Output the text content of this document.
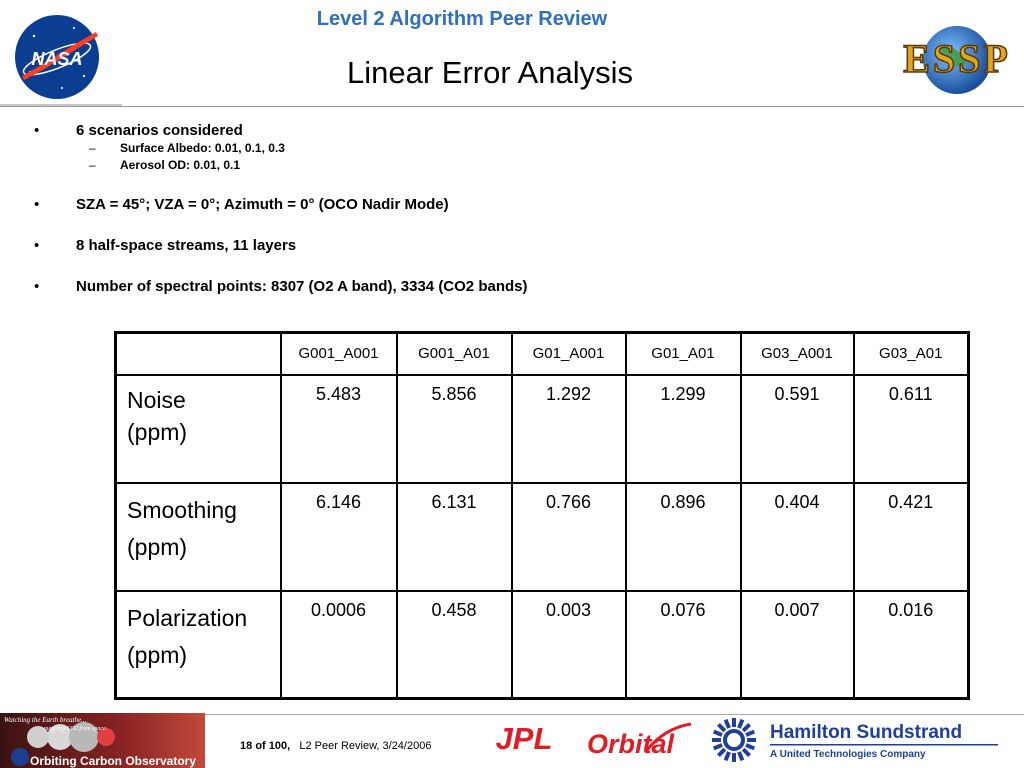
NASA
Level 2 Algorithm Peer Review
Linear Error Analysis	ESSP
• 6 scenarios considered
– Surface Albedo: 0.01, 0.1, 0.3
– Aerosol OD: 0.01, 0.1
• SZA = 45°; VZA = 0°; Azimuth = 0° (OCO Nadir Mode)
• 8 half-space streams, 11 layers
• Number of spectral points: 8307 (O2 A band), 3334 (CO2 bands)
	G001_A001	G001_A01	G01_A001	G01_A01	G03_A001	G03_A01

Noise
(ppm)	5.483	5.856	1.292	1.299	0.591	0.611

Smoothing
(ppm)	6.146	6.131	0.766	0.896	0.404	0.421

Polarization
(ppm)	0.0006	0.458	0.003	0.076	0.007	0.016
Watching the Earth breathe...
mapping CO2 from space.
Orbiting Carbon Observatory
18 of 100, L2 Peer Review, 3/24/2006 JPL Orbital	Hamilton Sundstrand
A United Technologies Company
